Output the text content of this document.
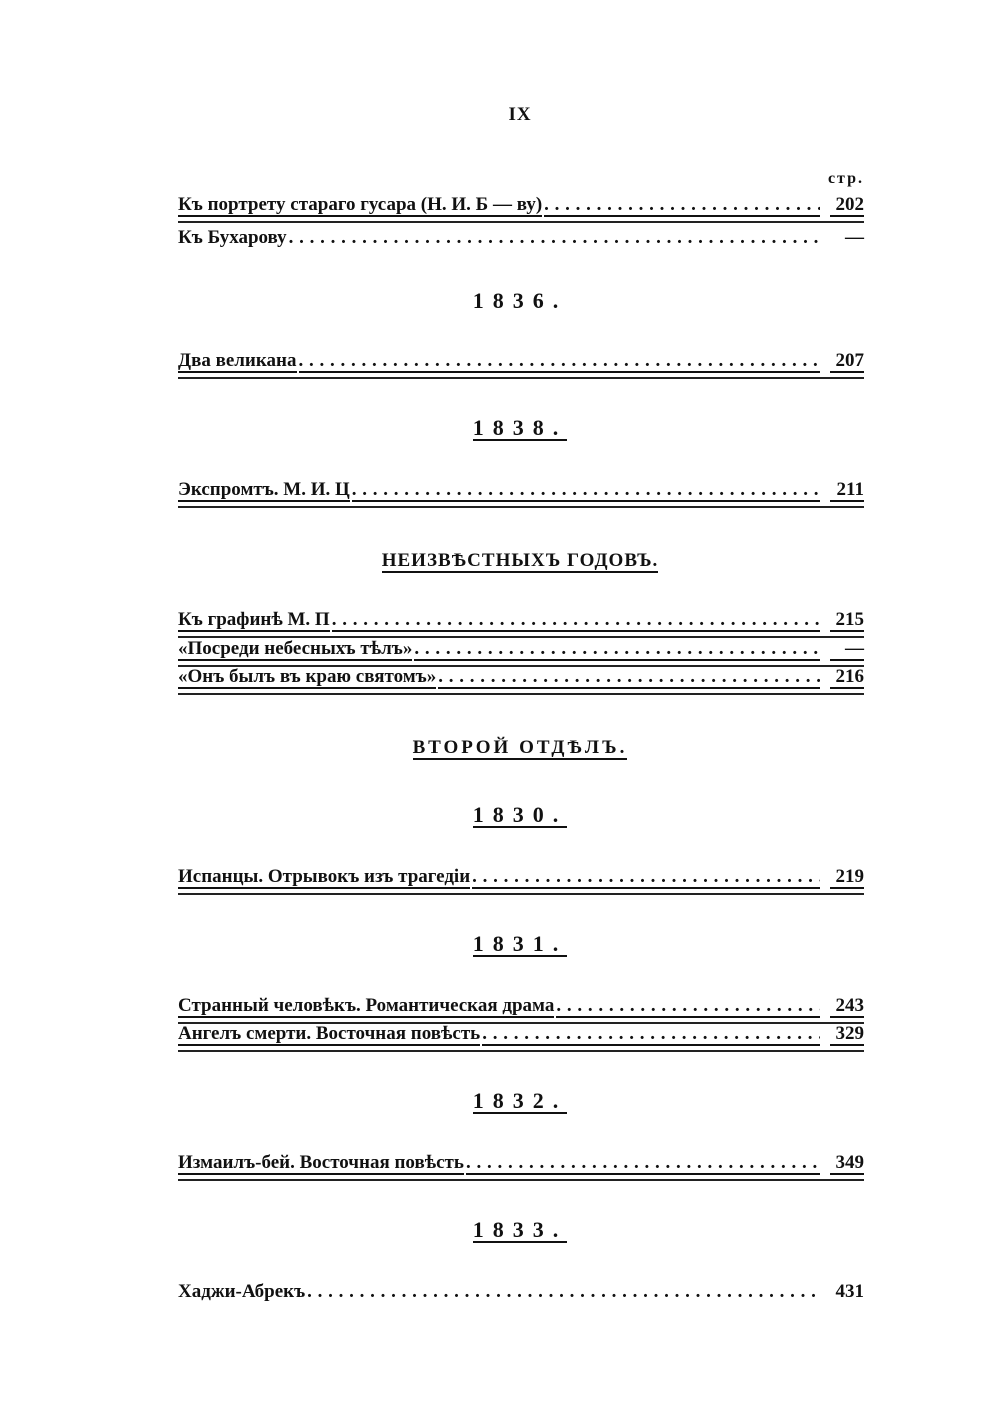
IX
стр.
Къ портрету стараго гусара (Н. И. Б — ву) . . .	202
Къ Бухарову . . .	—
1836.
Два великана . . .	207
1838.
Экспромтъ. М. И. Ц . . .	211
НЕИЗВѢСТНЫХЪ ГОДОВЪ.
Къ графинѣ М. П . . .	215
«Посреди небесныхъ тѣлъ» . . .	—
«Онъ былъ въ краю святомъ» . . .	216
ВТОРОЙ ОТДѢЛЪ.
1830.
Испанцы. Отрывокъ изъ трагедіи . . .	219
1831.
Странный человѣкъ. Романтическая драма . . .	243
Ангелъ смерти. Восточная повѣсть . . .	329
1832.
Измаилъ-бей. Восточная повѣсть . . .	349
1833.
Хаджи-Абрекъ . . .	431
